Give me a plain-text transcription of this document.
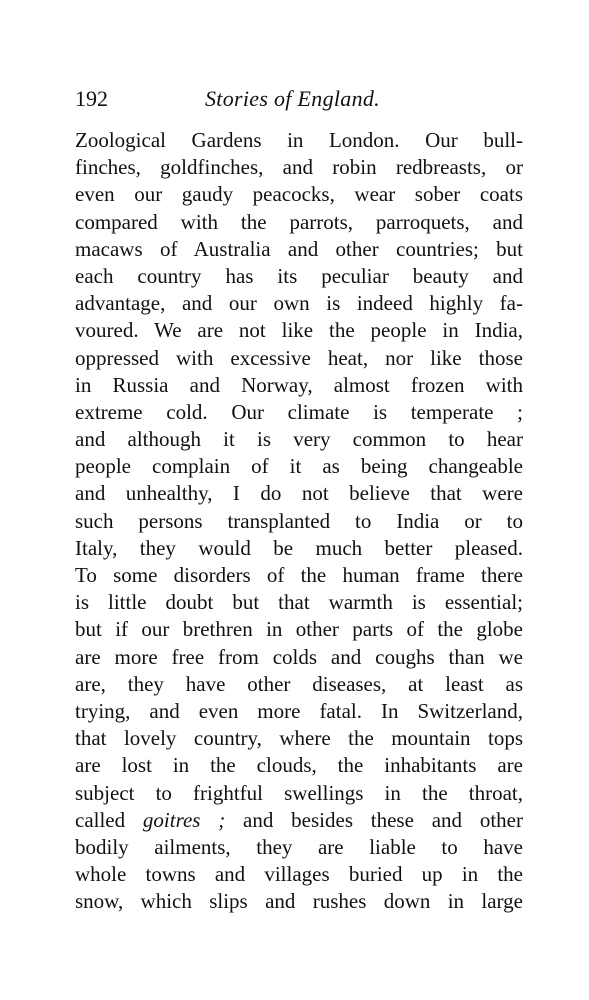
192	Stories of England.
Zoological Gardens in London. Our bull-
finches, goldfinches, and robin redbreasts, or
even our gaudy peacocks, wear sober coats
compared with the parrots, parroquets, and
macaws of Australia and other countries; but
each country has its peculiar beauty and
advantage, and our own is indeed highly fa-
voured. We are not like the people in India,
oppressed with excessive heat, nor like those
in Russia and Norway, almost frozen with
extreme cold. Our climate is temperate ;
and although it is very common to hear
people complain of it as being changeable
and unhealthy, I do not believe that were
such persons transplanted to India or to
Italy, they would be much better pleased.
To some disorders of the human frame there
is little doubt but that warmth is essential;
but if our brethren in other parts of the globe
are more free from colds and coughs than we
are, they have other diseases, at least as
trying, and even more fatal. In Switzerland,
that lovely country, where the mountain tops
are lost in the clouds, the inhabitants are
subject to frightful swellings in the throat,
called goitres ; and besides these and other
bodily ailments, they are liable to have
whole towns and villages buried up in the
snow, which slips and rushes down in large
